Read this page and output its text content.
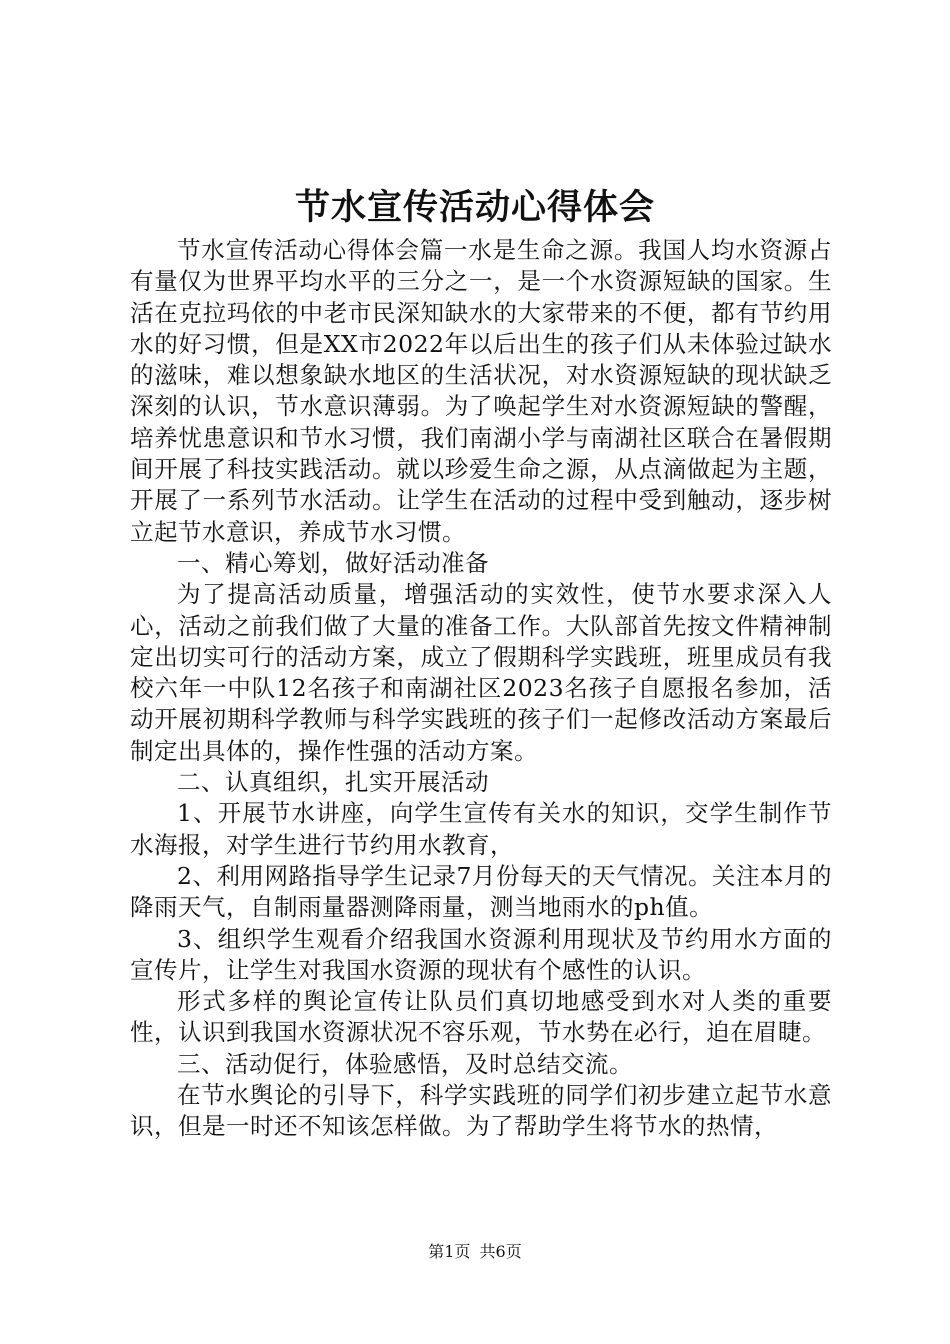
节水宣传活动心得体会

节水宣传活动心得体会篇一水是生命之源。我国人均水资源占有量仅为世界平均水平的三分之一，是一个水资源短缺的国家。生活在克拉玛依的中老市民深知缺水的大家带来的不便，都有节约用水的好习惯，但是XX市2022年以后出生的孩子们从未体验过缺水的滋味，难以想象缺水地区的生活状况，对水资源短缺的现状缺乏深刻的认识，节水意识薄弱。为了唤起学生对水资源短缺的警醒，培养忧患意识和节水习惯，我们南湖小学与南湖社区联合在暑假期间开展了科技实践活动。就以珍爱生命之源，从点滴做起为主题，开展了一系列节水活动。让学生在活动的过程中受到触动，逐步树立起节水意识，养成节水习惯。

一、精心筹划，做好活动准备

为了提高活动质量，增强活动的实效性，使节水要求深入人心，活动之前我们做了大量的准备工作。大队部首先按文件精神制定出切实可行的活动方案，成立了假期科学实践班，班里成员有我校六年一中队12名孩子和南湖社区2023名孩子自愿报名参加，活动开展初期科学教师与科学实践班的孩子们一起修改活动方案最后制定出具体的，操作性强的活动方案。

二、认真组织，扎实开展活动

1、开展节水讲座，向学生宣传有关水的知识，交学生制作节水海报，对学生进行节约用水教育，

2、利用网路指导学生记录7月份每天的天气情况。关注本月的降雨天气，自制雨量器测降雨量，测当地雨水的ph值。

3、组织学生观看介绍我国水资源利用现状及节约用水方面的宣传片，让学生对我国水资源的现状有个感性的认识。

形式多样的舆论宣传让队员们真切地感受到水对人类的重要性，认识到我国水资源状况不容乐观，节水势在必行，迫在眉睫。

三、活动促行，体验感悟，及时总结交流。

在节水舆论的引导下，科学实践班的同学们初步建立起节水意识，但是一时还不知该怎样做。为了帮助学生将节水的热情，

第1页 共6页
